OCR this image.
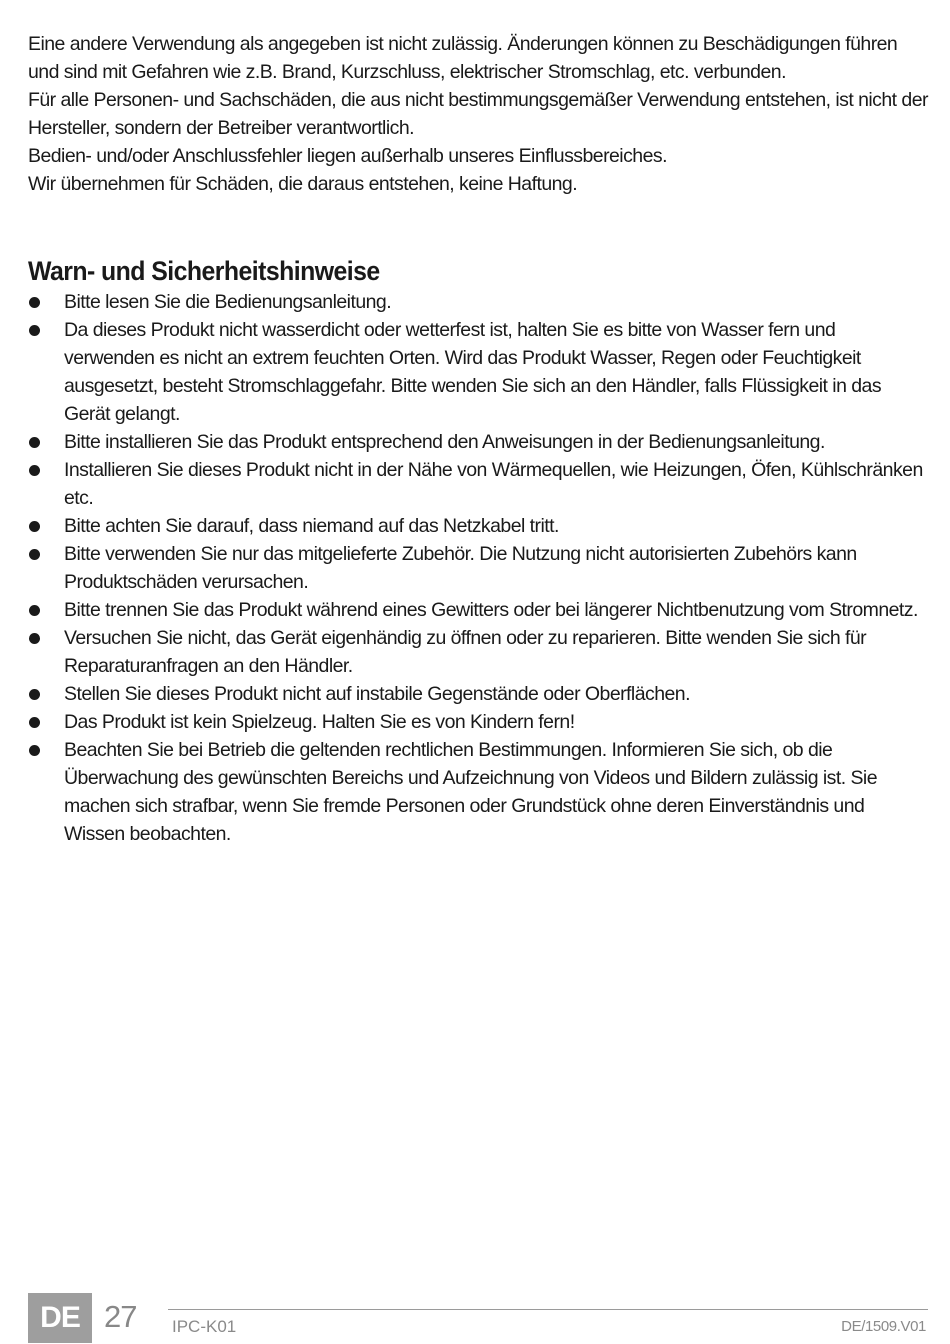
Eine andere Verwendung als angegeben ist nicht zulässig. Änderungen können zu Beschädigungen führen und sind mit Gefahren wie z.B. Brand, Kurzschluss, elektrischer Stromschlag, etc. verbunden.

Für alle Personen- und Sachschäden, die aus nicht bestimmungsgemäßer Verwendung entstehen, ist nicht der Hersteller, sondern der Betreiber verantwortlich.

Bedien- und/oder Anschlussfehler liegen außerhalb unseres Einflussbereiches.

Wir übernehmen für Schäden, die daraus entstehen, keine Haftung.

Warn- und Sicherheitshinweise
Bitte lesen Sie die Bedienungsanleitung.
Da dieses Produkt nicht wasserdicht oder wetterfest ist, halten Sie es bitte von Wasser fern und verwenden es nicht an extrem feuchten Orten. Wird das Produkt Wasser, Regen oder Feuchtigkeit ausgesetzt, besteht Stromschlaggefahr. Bitte wenden Sie sich an den Händler, falls Flüssigkeit in das Gerät gelangt.
Bitte installieren Sie das Produkt entsprechend den Anweisungen in der Bedienungsanleitung.
Installieren Sie dieses Produkt nicht in der Nähe von Wärmequellen, wie Heizungen, Öfen, Kühlschränken etc.
Bitte achten Sie darauf, dass niemand auf das Netzkabel tritt.
Bitte verwenden Sie nur das mitgelieferte Zubehör. Die Nutzung nicht autorisierten Zubehörs kann Produktschäden verursachen.
Bitte trennen Sie das Produkt während eines Gewitters oder bei längerer Nichtbenutzung vom Stromnetz.
Versuchen Sie nicht, das Gerät eigenhändig zu öffnen oder zu reparieren. Bitte wenden Sie sich für Reparaturanfragen an den Händler.
Stellen Sie dieses Produkt nicht auf instabile Gegenstände oder Oberflächen.
Das Produkt ist kein Spielzeug. Halten Sie es von Kindern fern!
Beachten Sie bei Betrieb die geltenden rechtlichen Bestimmungen. Informieren Sie sich, ob die Überwachung des gewünschten Bereichs und Aufzeichnung von Videos und Bildern zulässig ist. Sie machen sich strafbar, wenn Sie fremde Personen oder Grundstück ohne deren Einverständnis und Wissen beobachten.
DE 27 IPC-K01	DE/1509.V01
